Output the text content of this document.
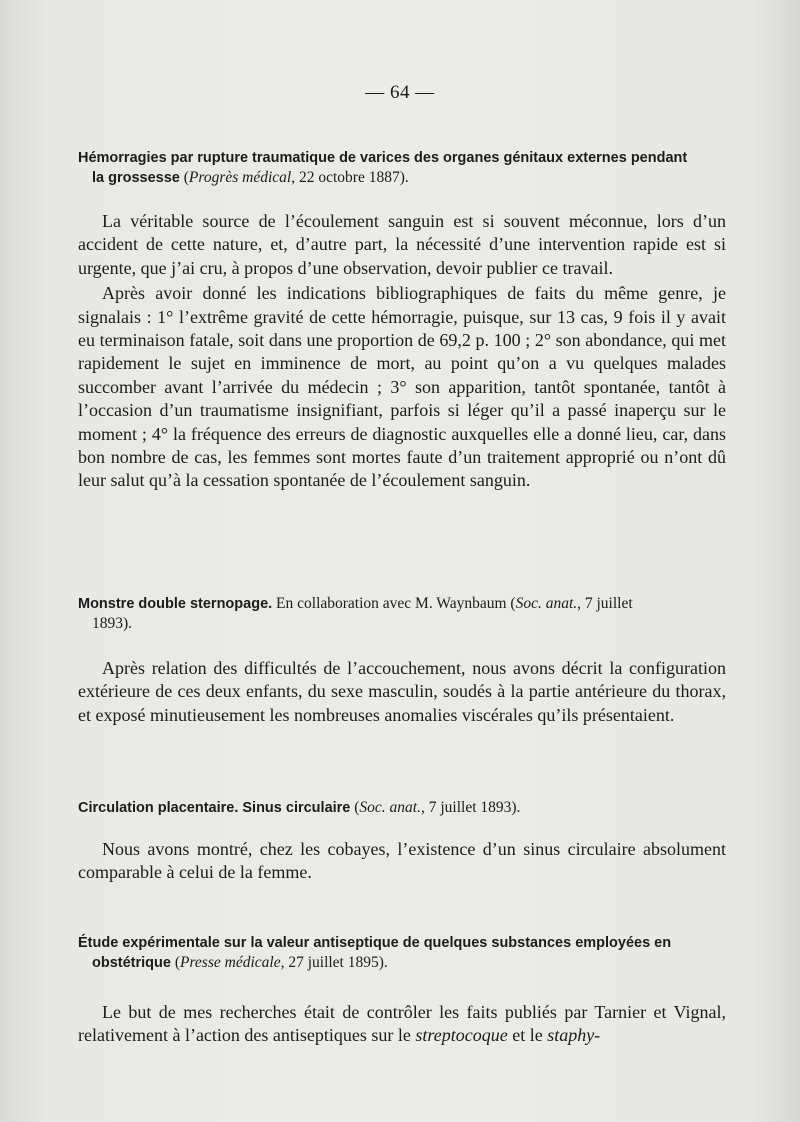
— 64 —

Hémorragies par rupture traumatique de varices des organes génitaux externes pendant
la grossesse (Progrès médical, 22 octobre 1887).

La véritable source de l’écoulement sanguin est si souvent méconnue, lors d’un accident de cette nature, et, d’autre part, la nécessité d’une intervention rapide est si urgente, que j’ai cru, à propos d’une observation, devoir publier ce travail.

Après avoir donné les indications bibliographiques de faits du même genre, je signalais : 1° l’extrême gravité de cette hémorragie, puisque, sur 13 cas, 9 fois il y avait eu terminaison fatale, soit dans une proportion de 69,2 p. 100 ; 2° son abondance, qui met rapidement le sujet en imminence de mort, au point qu’on a vu quelques malades succomber avant l’arrivée du médecin ; 3° son apparition, tantôt spontanée, tantôt à l’occasion d’un traumatisme insignifiant, parfois si léger qu’il a passé inaperçu sur le moment ; 4° la fréquence des erreurs de diagnostic auxquelles elle a donné lieu, car, dans bon nombre de cas, les femmes sont mortes faute d’un traitement approprié ou n’ont dû leur salut qu’à la cessation spontanée de l’écoulement sanguin.

Monstre double sternopage. En collaboration avec M. Waynbaum (Soc. anat., 7 juillet
1893).

Après relation des difficultés de l’accouchement, nous avons décrit la configuration extérieure de ces deux enfants, du sexe masculin, soudés à la partie antérieure du thorax, et exposé minutieusement les nombreuses anomalies viscérales qu’ils présentaient.

Circulation placentaire. Sinus circulaire (Soc. anat., 7 juillet 1893).

Nous avons montré, chez les cobayes, l’existence d’un sinus circulaire absolument comparable à celui de la femme.

Étude expérimentale sur la valeur antiseptique de quelques substances employées en
obstétrique (Presse médicale, 27 juillet 1895).

Le but de mes recherches était de contrôler les faits publiés par Tarnier et Vignal, relativement à l’action des antiseptiques sur le streptocoque et le staphy-
